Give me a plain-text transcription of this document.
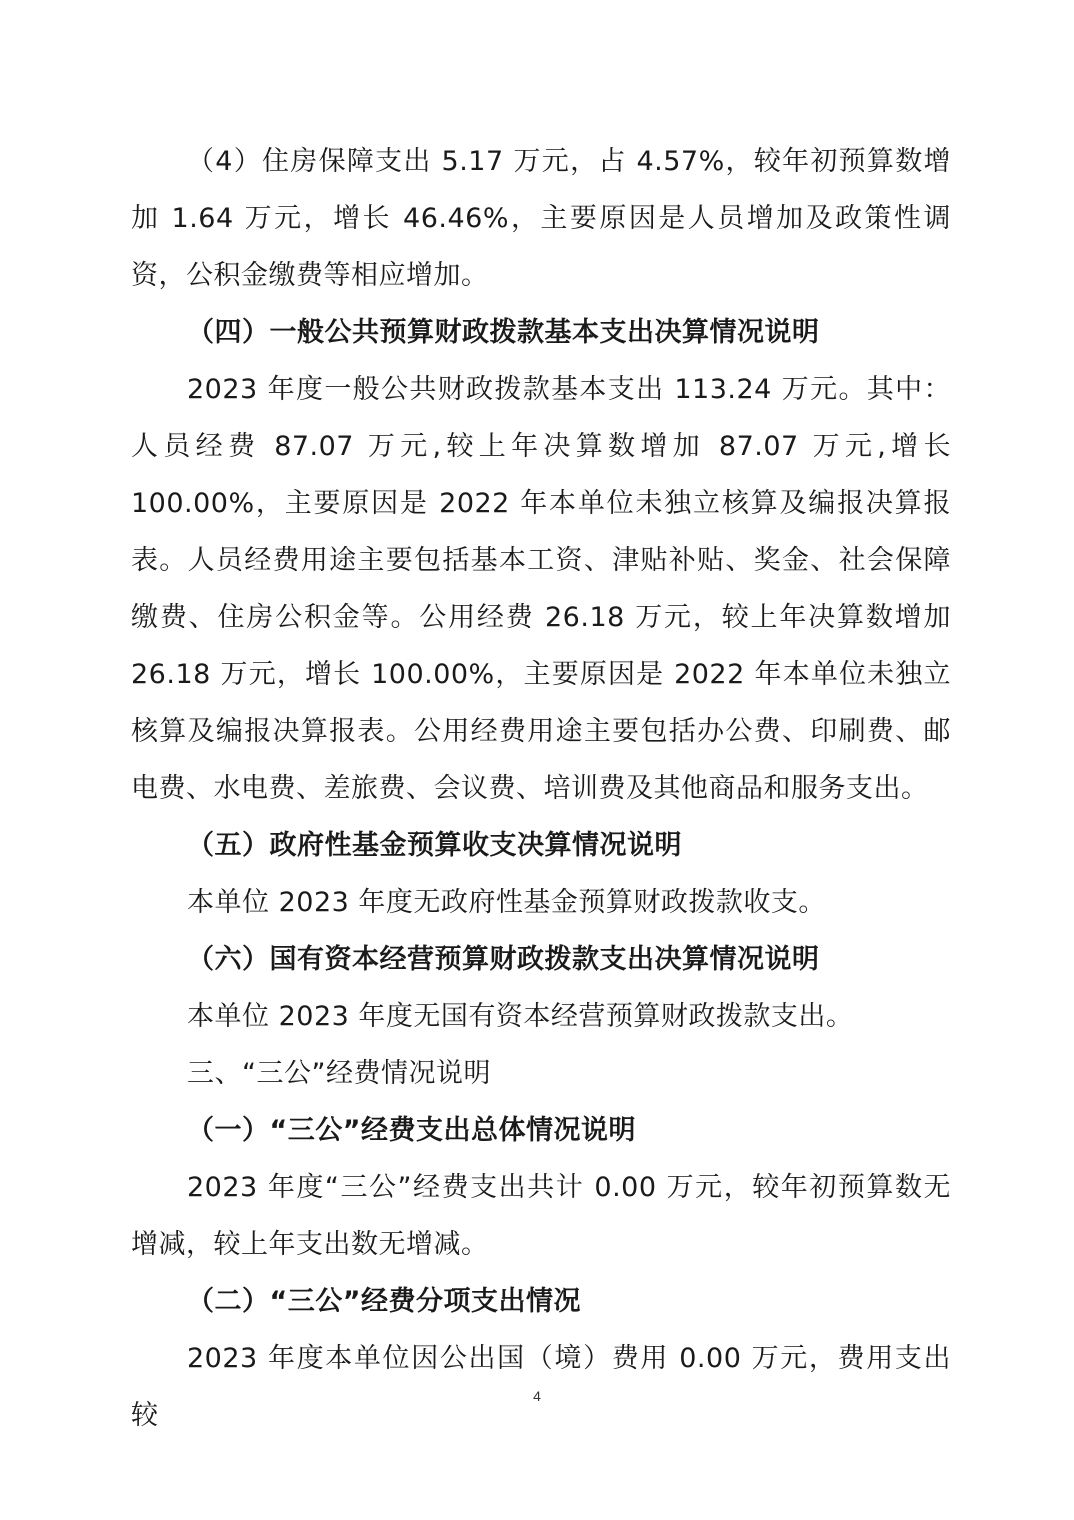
（4）住房保障支出 5.17 万元，占 4.57%，较年初预算数增加 1.64 万元，增长 46.46%，主要原因是人员增加及政策性调资，公积金缴费等相应增加。

（四）一般公共预算财政拨款基本支出决算情况说明

2023 年度一般公共财政拨款基本支出 113.24 万元。其中：人员经费 87.07 万元,较上年决算数增加 87.07 万元,增长 100.00%，主要原因是 2022 年本单位未独立核算及编报决算报表。人员经费用途主要包括基本工资、津贴补贴、奖金、社会保障缴费、住房公积金等。公用经费 26.18 万元，较上年决算数增加 26.18 万元，增长 100.00%，主要原因是 2022 年本单位未独立核算及编报决算报表。公用经费用途主要包括办公费、印刷费、邮电费、水电费、差旅费、会议费、培训费及其他商品和服务支出。

（五）政府性基金预算收支决算情况说明

本单位 2023 年度无政府性基金预算财政拨款收支。

（六）国有资本经营预算财政拨款支出决算情况说明

本单位 2023 年度无国有资本经营预算财政拨款支出。

三、“三公”经费情况说明

（一）“三公”经费支出总体情况说明

2023 年度“三公”经费支出共计 0.00 万元，较年初预算数无增减，较上年支出数无增减。

（二）“三公”经费分项支出情况

2023 年度本单位因公出国（境）费用 0.00 万元，费用支出较

4
